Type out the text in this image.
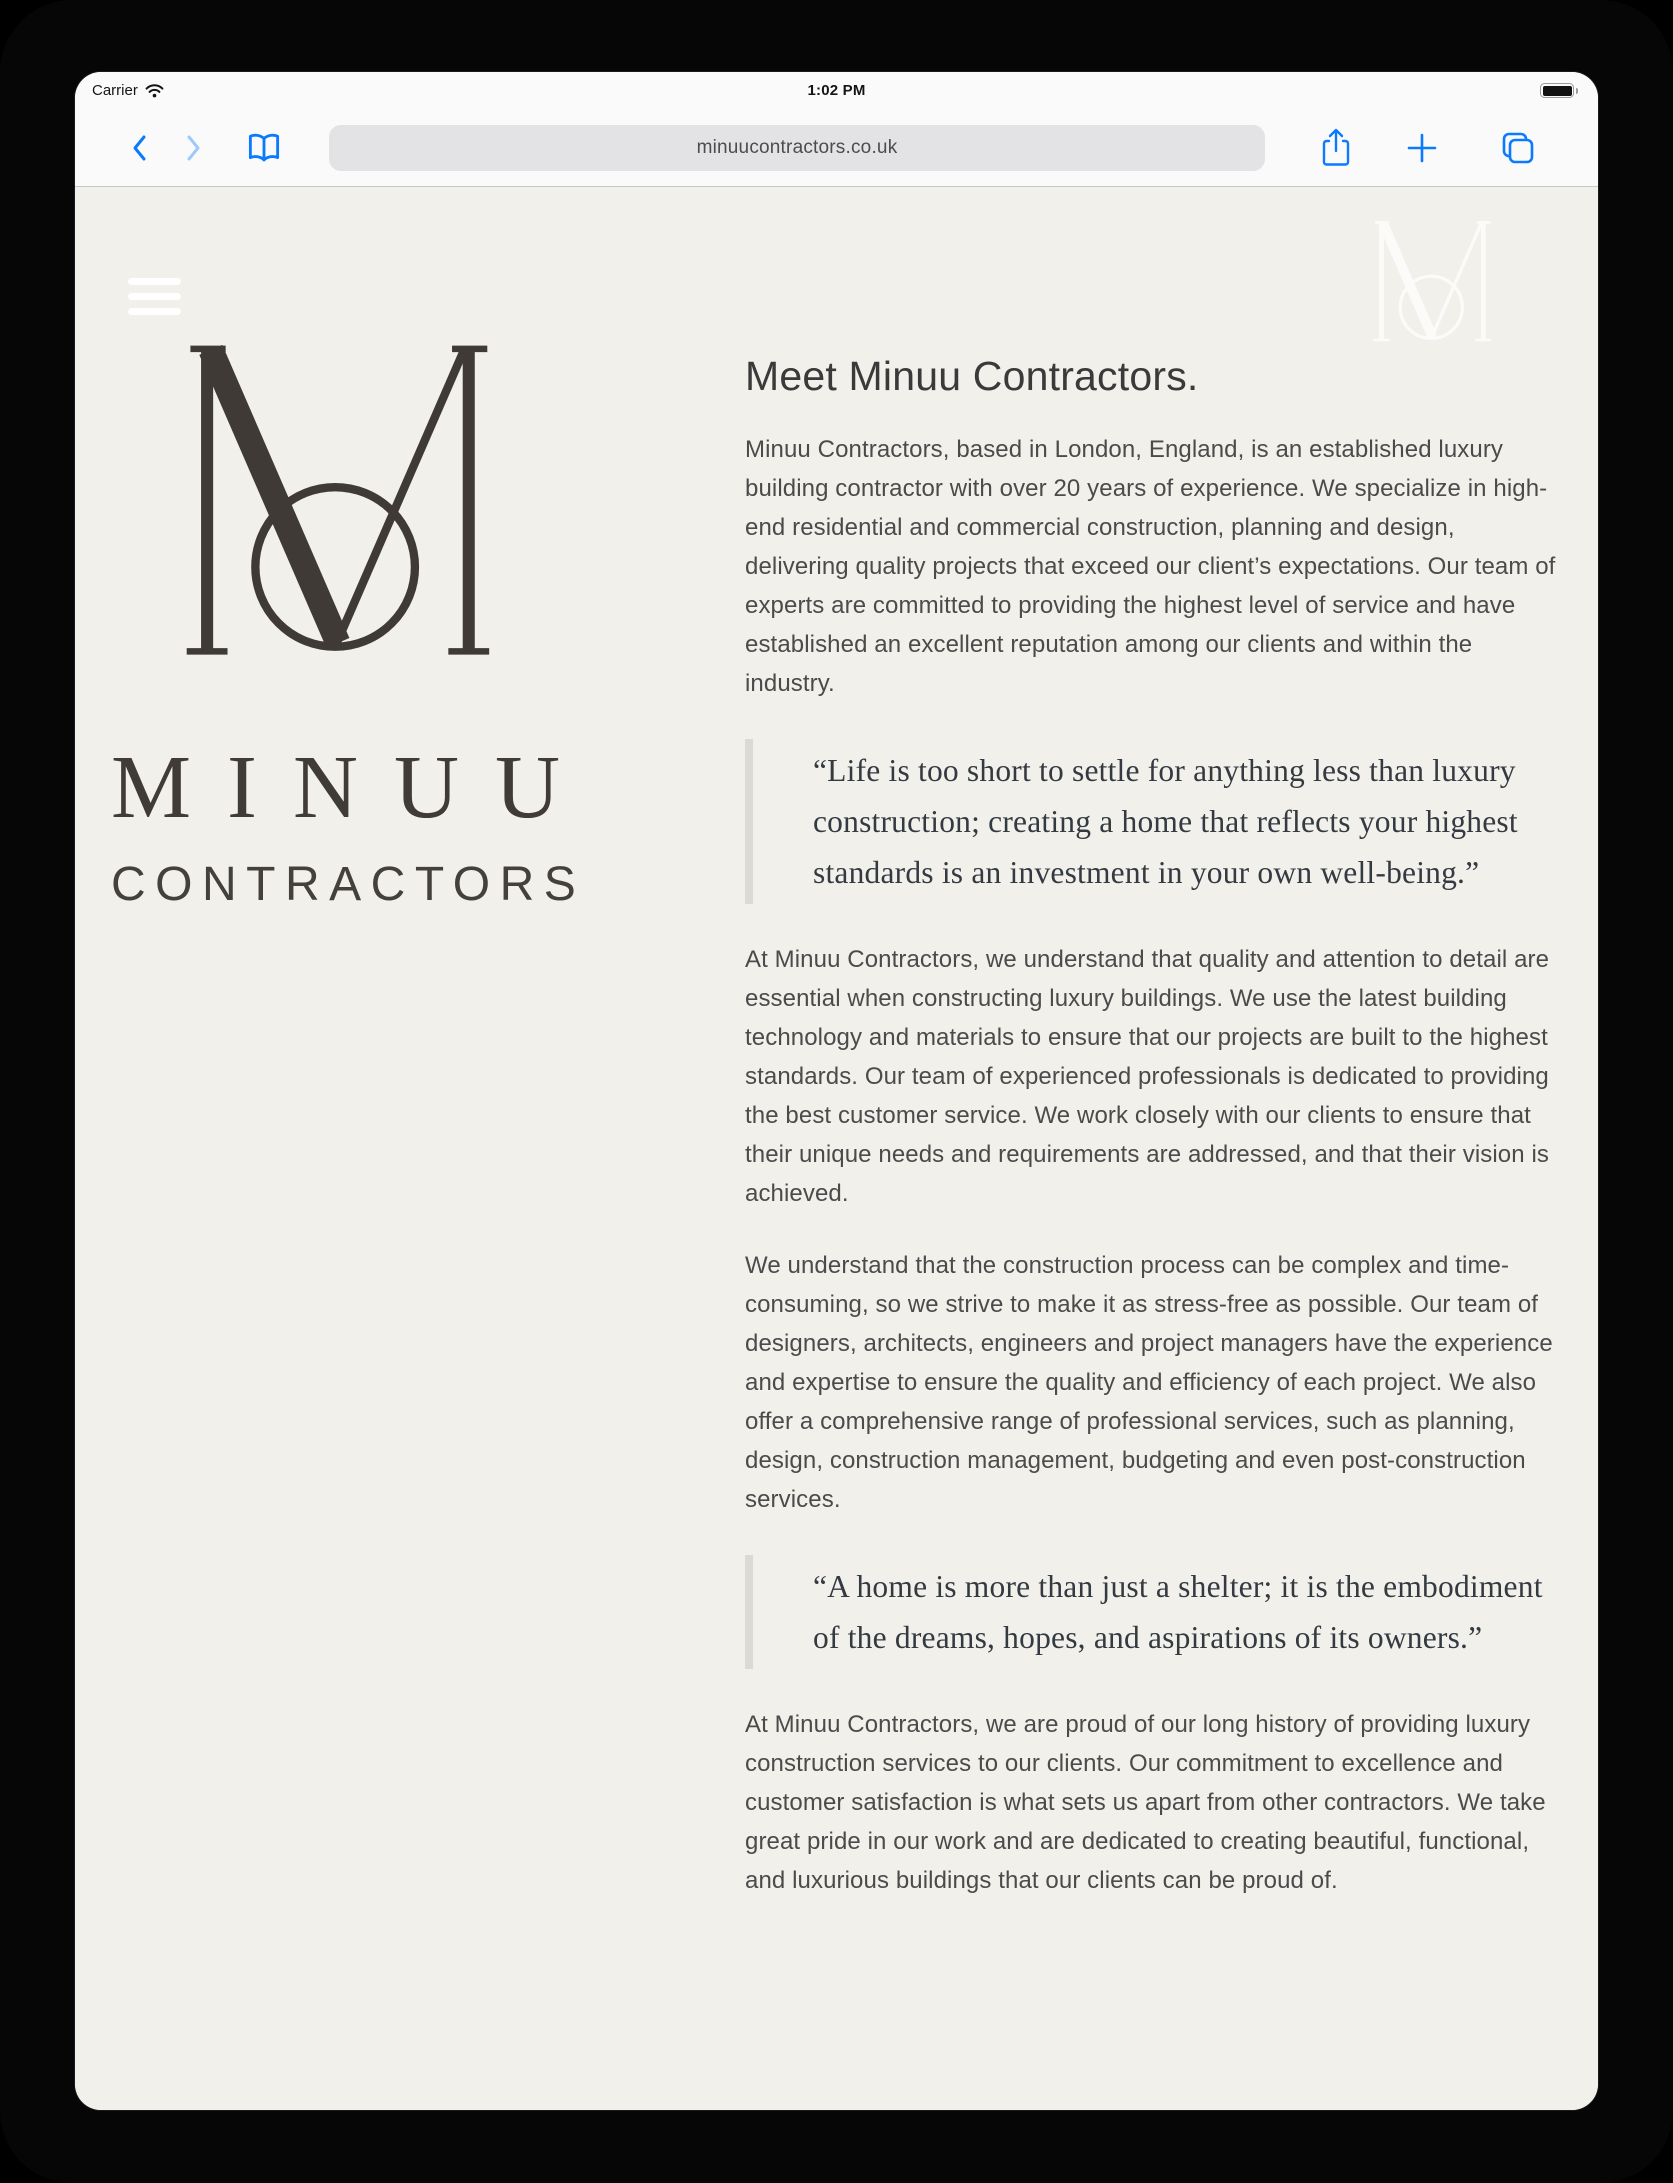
Carrier	1:02 PM
minuucontractors.co.uk
MINUU
CONTRACTORS
Meet Minuu Contractors.

Minuu Contractors, based in London, England, is an established luxury building contractor with over 20 years of experience. We specialize in high-end residential and commercial construction, planning and design, delivering quality projects that exceed our client’s expectations. Our team of experts are committed to providing the highest level of service and have established an excellent reputation among our clients and within the industry.

“Life is too short to settle for anything less than luxury construction; creating a home that reflects your highest standards is an investment in your own well-being.”

At Minuu Contractors, we understand that quality and attention to detail are essential when constructing luxury buildings. We use the latest building technology and materials to ensure that our projects are built to the highest standards. Our team of experienced professionals is dedicated to providing the best customer service. We work closely with our clients to ensure that their unique needs and requirements are addressed, and that their vision is achieved.

We understand that the construction process can be complex and time-consuming, so we strive to make it as stress-free as possible. Our team of designers, architects, engineers and project managers have the experience and expertise to ensure the quality and efficiency of each project. We also offer a comprehensive range of professional services, such as planning, design, construction management, budgeting and even post-construction services.

“A home is more than just a shelter; it is the embodiment of the dreams, hopes, and aspirations of its owners.”

At Minuu Contractors, we are proud of our long history of providing luxury construction services to our clients. Our commitment to excellence and customer satisfaction is what sets us apart from other contractors. We take great pride in our work and are dedicated to creating beautiful, functional, and luxurious buildings that our clients can be proud of.
